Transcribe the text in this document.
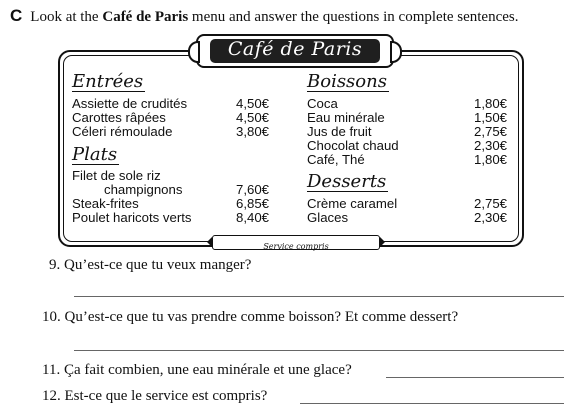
C Look at the Café de Paris menu and answer the questions in complete sentences.
Café de Paris
Entrées
Assiette de crudités	4,50€
Carottes râpées	4,50€
Céleri rémoulade	3,80€
Plats
Filet de sole riz
champignons	7,60€
Steak-frites	6,85€
Poulet haricots verts	8,40€
Boissons
Coca	1,80€
Eau minérale	1,50€
Jus de fruit	2,75€
Chocolat chaud	2,30€
Café, Thé	1,80€
Desserts
Crème caramel	2,75€
Glaces	2,30€
Service compris
9. Qu’est-ce que tu veux manger?
10. Qu’est-ce que tu vas prendre comme boisson? Et comme dessert?
11. Ça fait combien, une eau minérale et une glace?
12. Est-ce que le service est compris?
